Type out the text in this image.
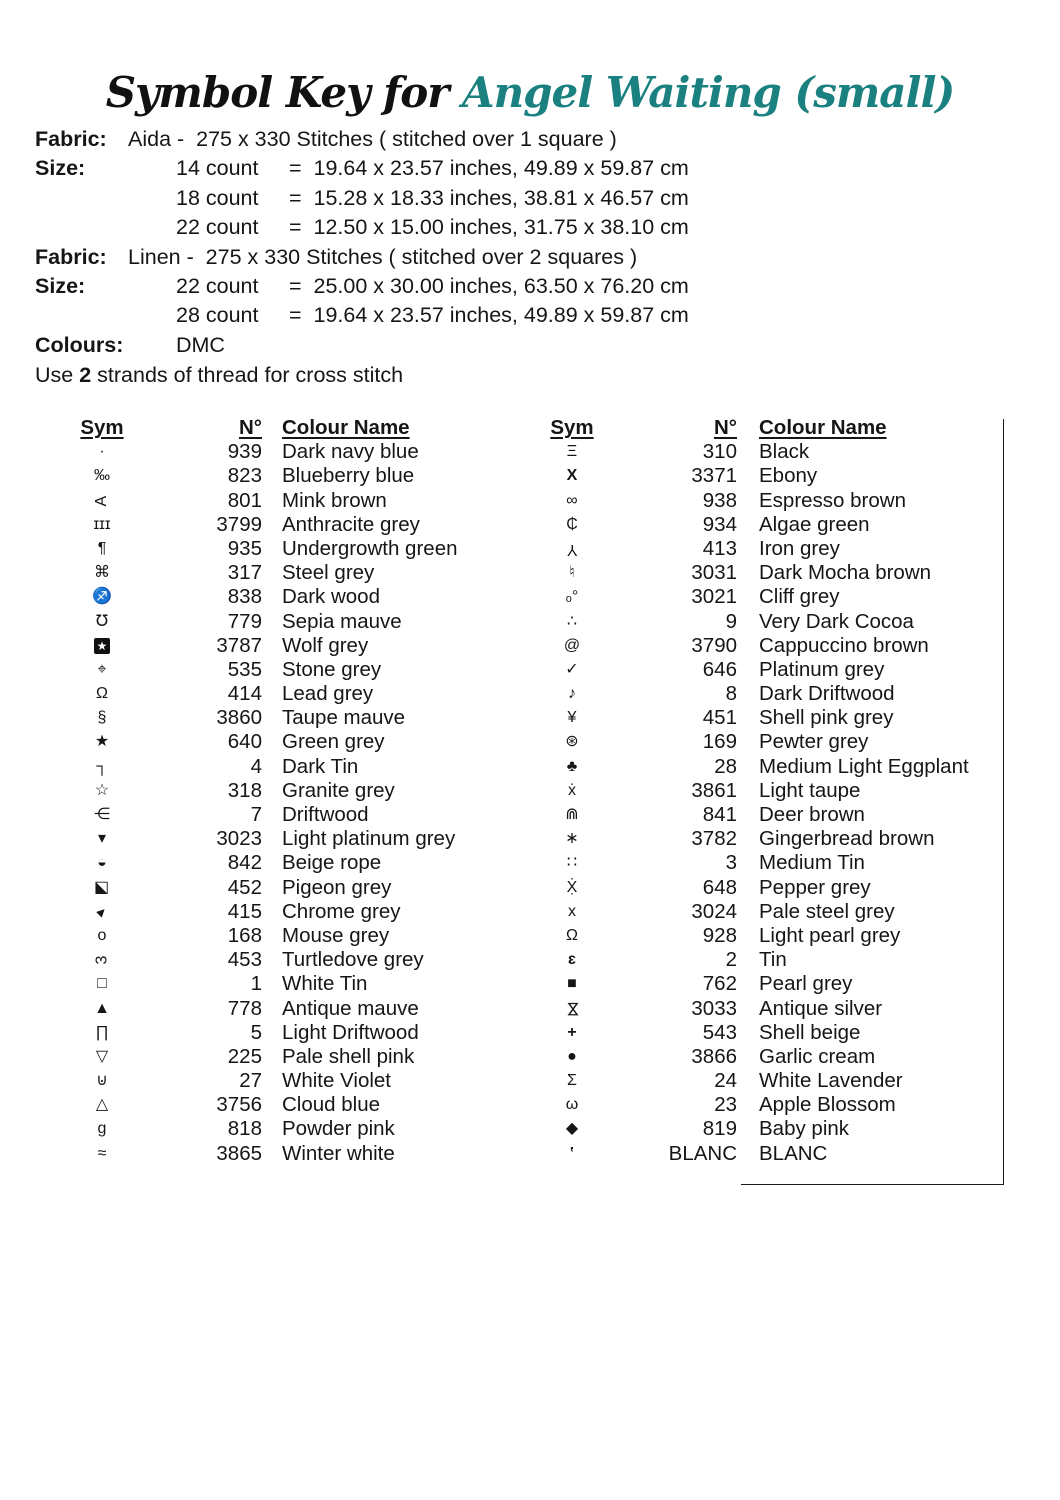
Symbol Key for Angel Waiting (small)
Fabric: Aida -  275 x 330 Stitches ( stitched over 1 square )
Size:	14 count	=  19.64 x 23.57 inches, 49.89 x 59.87 cm
18 count	=  15.28 x 18.33 inches, 38.81 x 46.57 cm
22 count	=  12.50 x 15.00 inches, 31.75 x 38.10 cm
Fabric: Linen -  275 x 330 Stitches ( stitched over 2 squares )
Size:	22 count	=  25.00 x 30.00 inches, 63.50 x 76.20 cm
28 count	=  19.64 x 23.57 inches, 49.89 x 59.87 cm
Colours: DMC
Use 2 strands of thread for cross stitch
Sym	N° Colour Name
·	939 Dark navy blue
‰	823 Blueberry blue
A	801 Mink brown
ɪɪɪ	3799 Anthracite grey
¶	935 Undergrowth green
⌘	317 Steel grey
♐	838 Dark wood
℧	779 Sepia mauve
★	3787 Wolf grey
⌖	535 Stone grey
Ω	414 Lead grey
§	3860 Taupe mauve
★	640 Green grey
┐	4 Dark Tin
☆	318 Granite grey
⋲	7 Driftwood
▾	3023 Light platinum grey
◒	842 Beige rope
◪	452 Pigeon grey
▸	415 Chrome grey
o	168 Mouse grey
3	453 Turtledove grey
□	1 White Tin
▲	778 Antique mauve
∏	5 Light Driftwood
▽	225 Pale shell pink
⊍	27 White Violet
△	3756 Cloud blue
g	818 Powder pink
≈	3865 Winter white
Sym	N°	Colour Name
Ξ	310	Black
X	3371	Ebony
∞	938	Espresso brown
₵	934	Algae green
Y	413	Iron grey
♮	3031	Dark Mocha brown
ₒ°	3021	Cliff grey
∴	9	Very Dark Cocoa
@	3790	Cappuccino brown
✓	646	Platinum grey
♪	8	Dark Driftwood
¥	451	Shell pink grey
⊛	169	Pewter grey
♣	28	Medium Light Eggplant
ẋ	3861	Light taupe
⋒	841	Deer brown
∗	3782	Gingerbread brown
∷	3	Medium Tin
Ẋ̣	648	Pepper grey
x	3024	Pale steel grey
Ω	928	Light pearl grey
ɛ	2	Tin
■	762	Pearl grey
⋈	3033	Antique silver
+	543	Shell beige
●	3866	Garlic cream
Σ	24	White Lavender
ω	23	Apple Blossom
◆	819	Baby pink
‛	BLANC	BLANC
